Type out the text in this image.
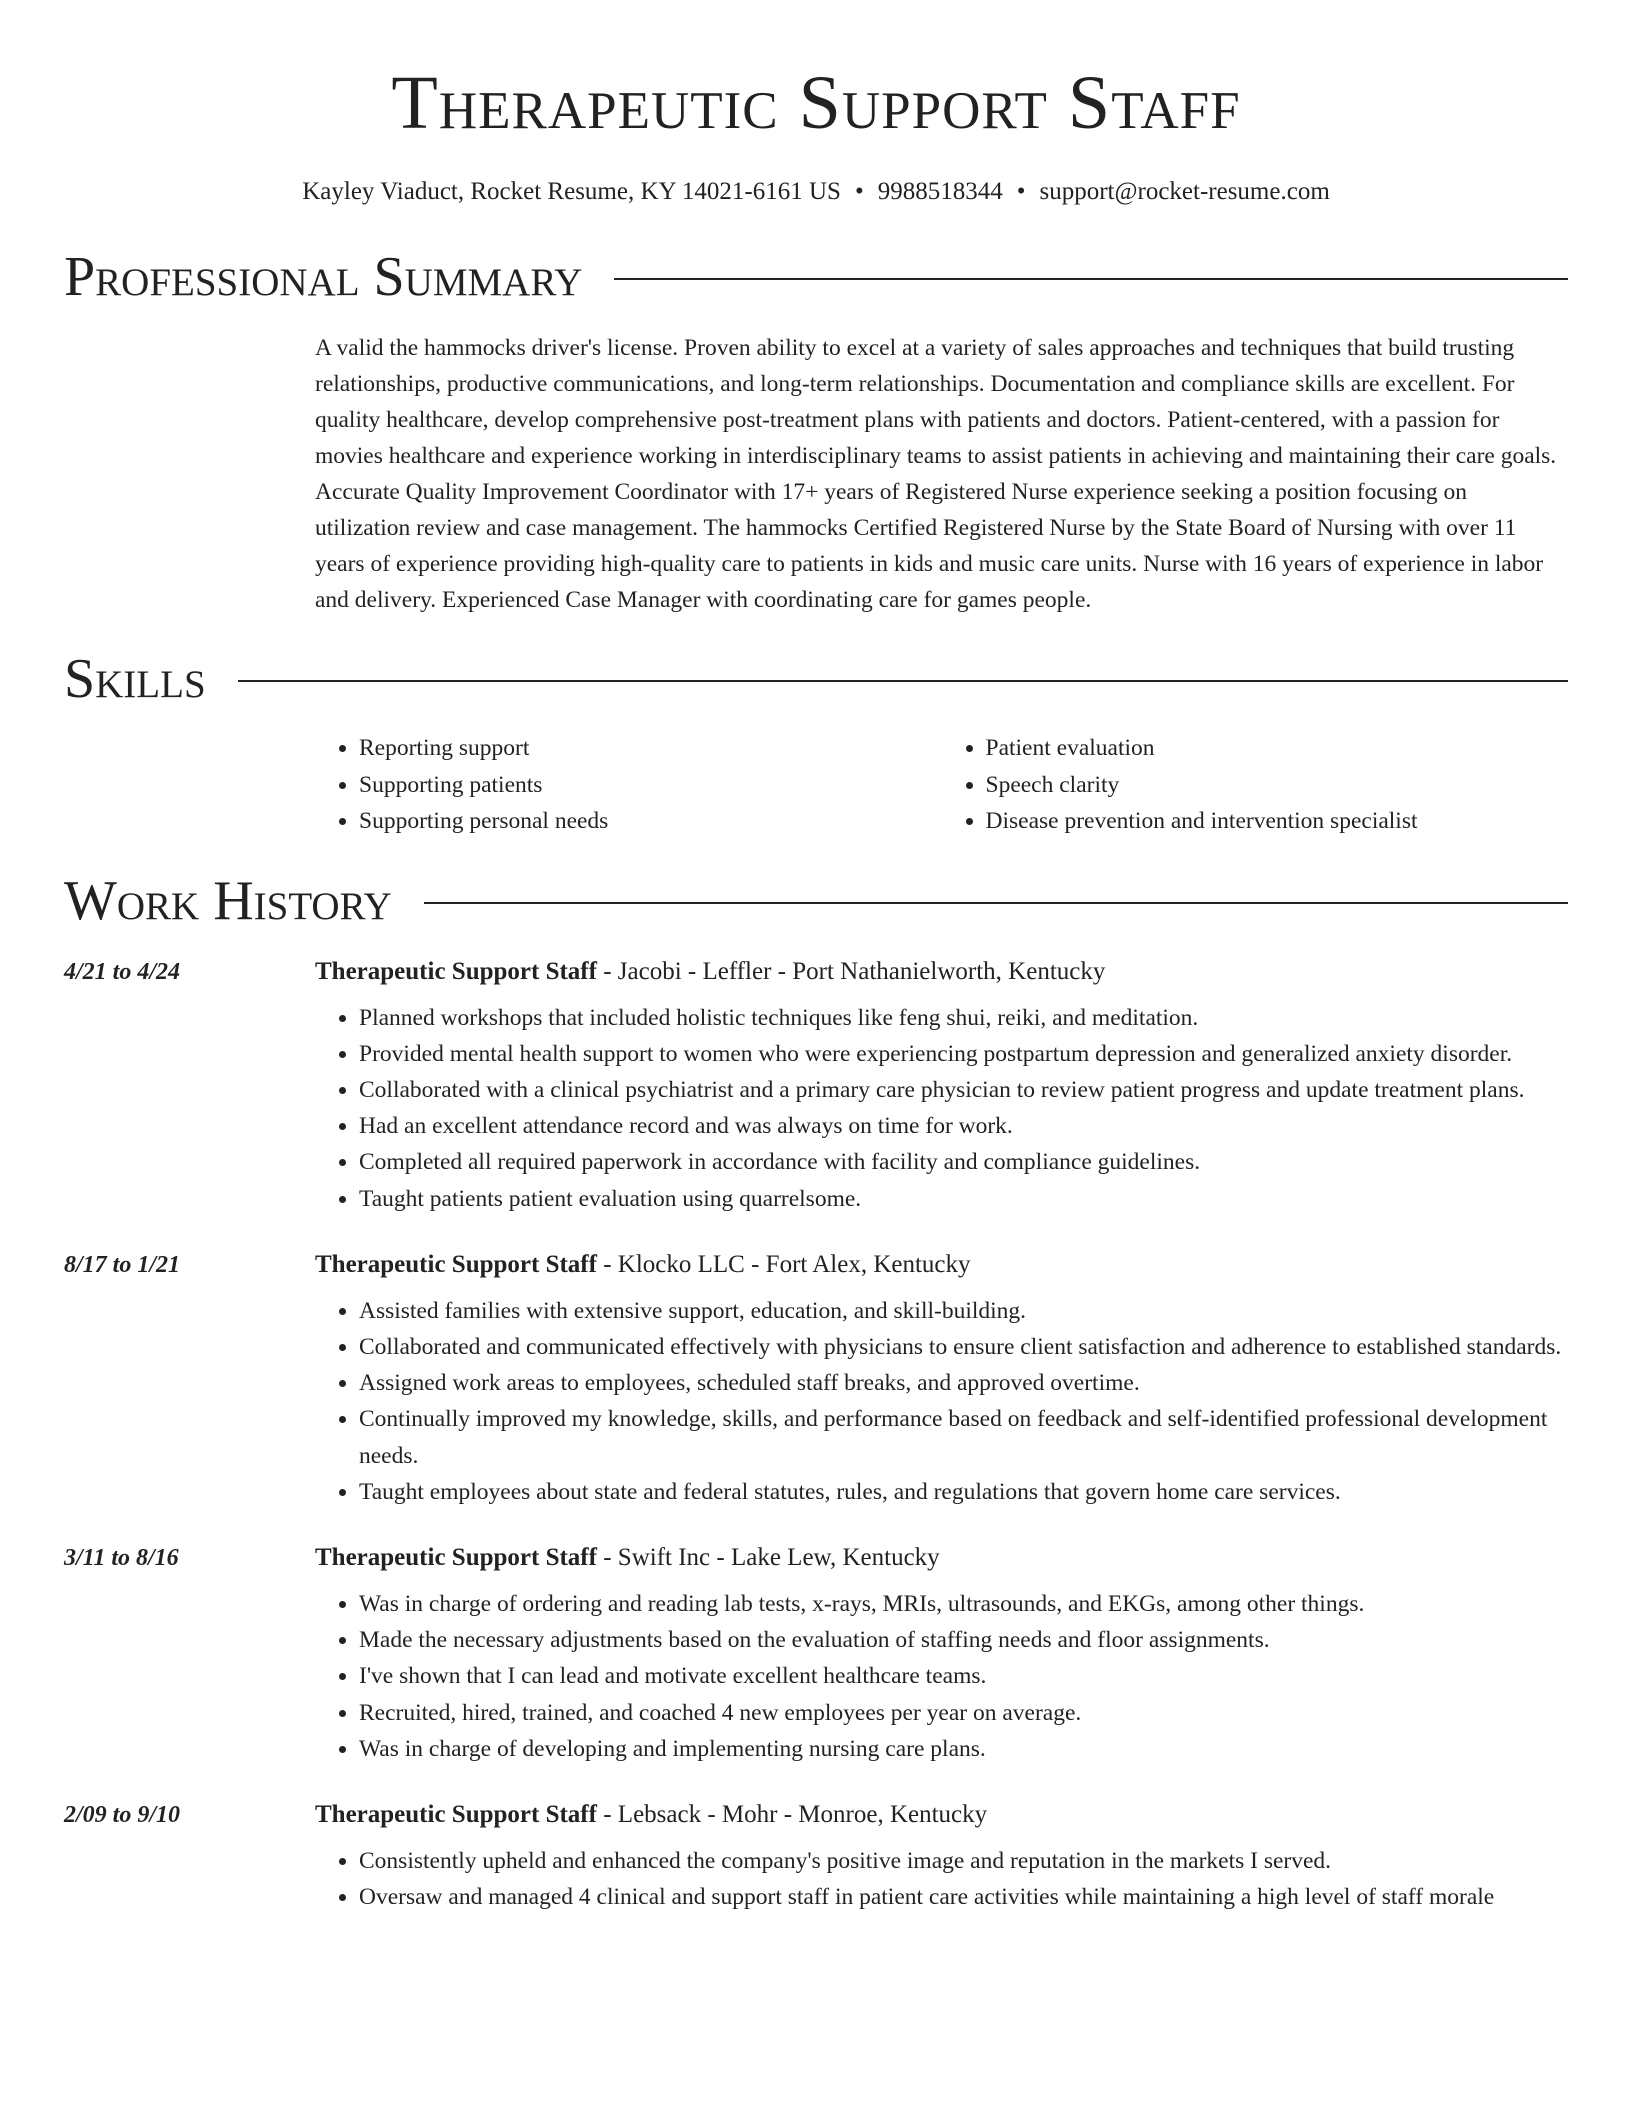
Therapeutic Support Staff
Kayley Viaduct, Rocket Resume, KY 14021-6161 US • 9988518344 • support@rocket-resume.com
Professional Summary
A valid the hammocks driver's license. Proven ability to excel at a variety of sales approaches and techniques that build trusting relationships, productive communications, and long-term relationships. Documentation and compliance skills are excellent. For quality healthcare, develop comprehensive post-treatment plans with patients and doctors. Patient-centered, with a passion for movies healthcare and experience working in interdisciplinary teams to assist patients in achieving and maintaining their care goals. Accurate Quality Improvement Coordinator with 17+ years of Registered Nurse experience seeking a position focusing on utilization review and case management. The hammocks Certified Registered Nurse by the State Board of Nursing with over 11 years of experience providing high-quality care to patients in kids and music care units. Nurse with 16 years of experience in labor and delivery. Experienced Case Manager with coordinating care for games people.
Skills
• Reporting support
• Supporting patients
• Supporting personal needs
• Patient evaluation
• Speech clarity
• Disease prevention and intervention specialist
Work History
4/21 to 4/24	Therapeutic Support Staff - Jacobi - Leffler - Port Nathanielworth, Kentucky
• Planned workshops that included holistic techniques like feng shui, reiki, and meditation.
• Provided mental health support to women who were experiencing postpartum depression and generalized anxiety disorder.
• Collaborated with a clinical psychiatrist and a primary care physician to review patient progress and update treatment plans.
• Had an excellent attendance record and was always on time for work.
• Completed all required paperwork in accordance with facility and compliance guidelines.
• Taught patients patient evaluation using quarrelsome.
8/17 to 1/21	Therapeutic Support Staff - Klocko LLC - Fort Alex, Kentucky
• Assisted families with extensive support, education, and skill-building.
• Collaborated and communicated effectively with physicians to ensure client satisfaction and adherence to established standards.
• Assigned work areas to employees, scheduled staff breaks, and approved overtime.
• Continually improved my knowledge, skills, and performance based on feedback and self-identified professional development needs.
• Taught employees about state and federal statutes, rules, and regulations that govern home care services.
3/11 to 8/16	Therapeutic Support Staff - Swift Inc - Lake Lew, Kentucky
• Was in charge of ordering and reading lab tests, x-rays, MRIs, ultrasounds, and EKGs, among other things.
• Made the necessary adjustments based on the evaluation of staffing needs and floor assignments.
• I've shown that I can lead and motivate excellent healthcare teams.
• Recruited, hired, trained, and coached 4 new employees per year on average.
• Was in charge of developing and implementing nursing care plans.
2/09 to 9/10	Therapeutic Support Staff - Lebsack - Mohr - Monroe, Kentucky
• Consistently upheld and enhanced the company's positive image and reputation in the markets I served.
• Oversaw and managed 4 clinical and support staff in patient care activities while maintaining a high level of staff morale
